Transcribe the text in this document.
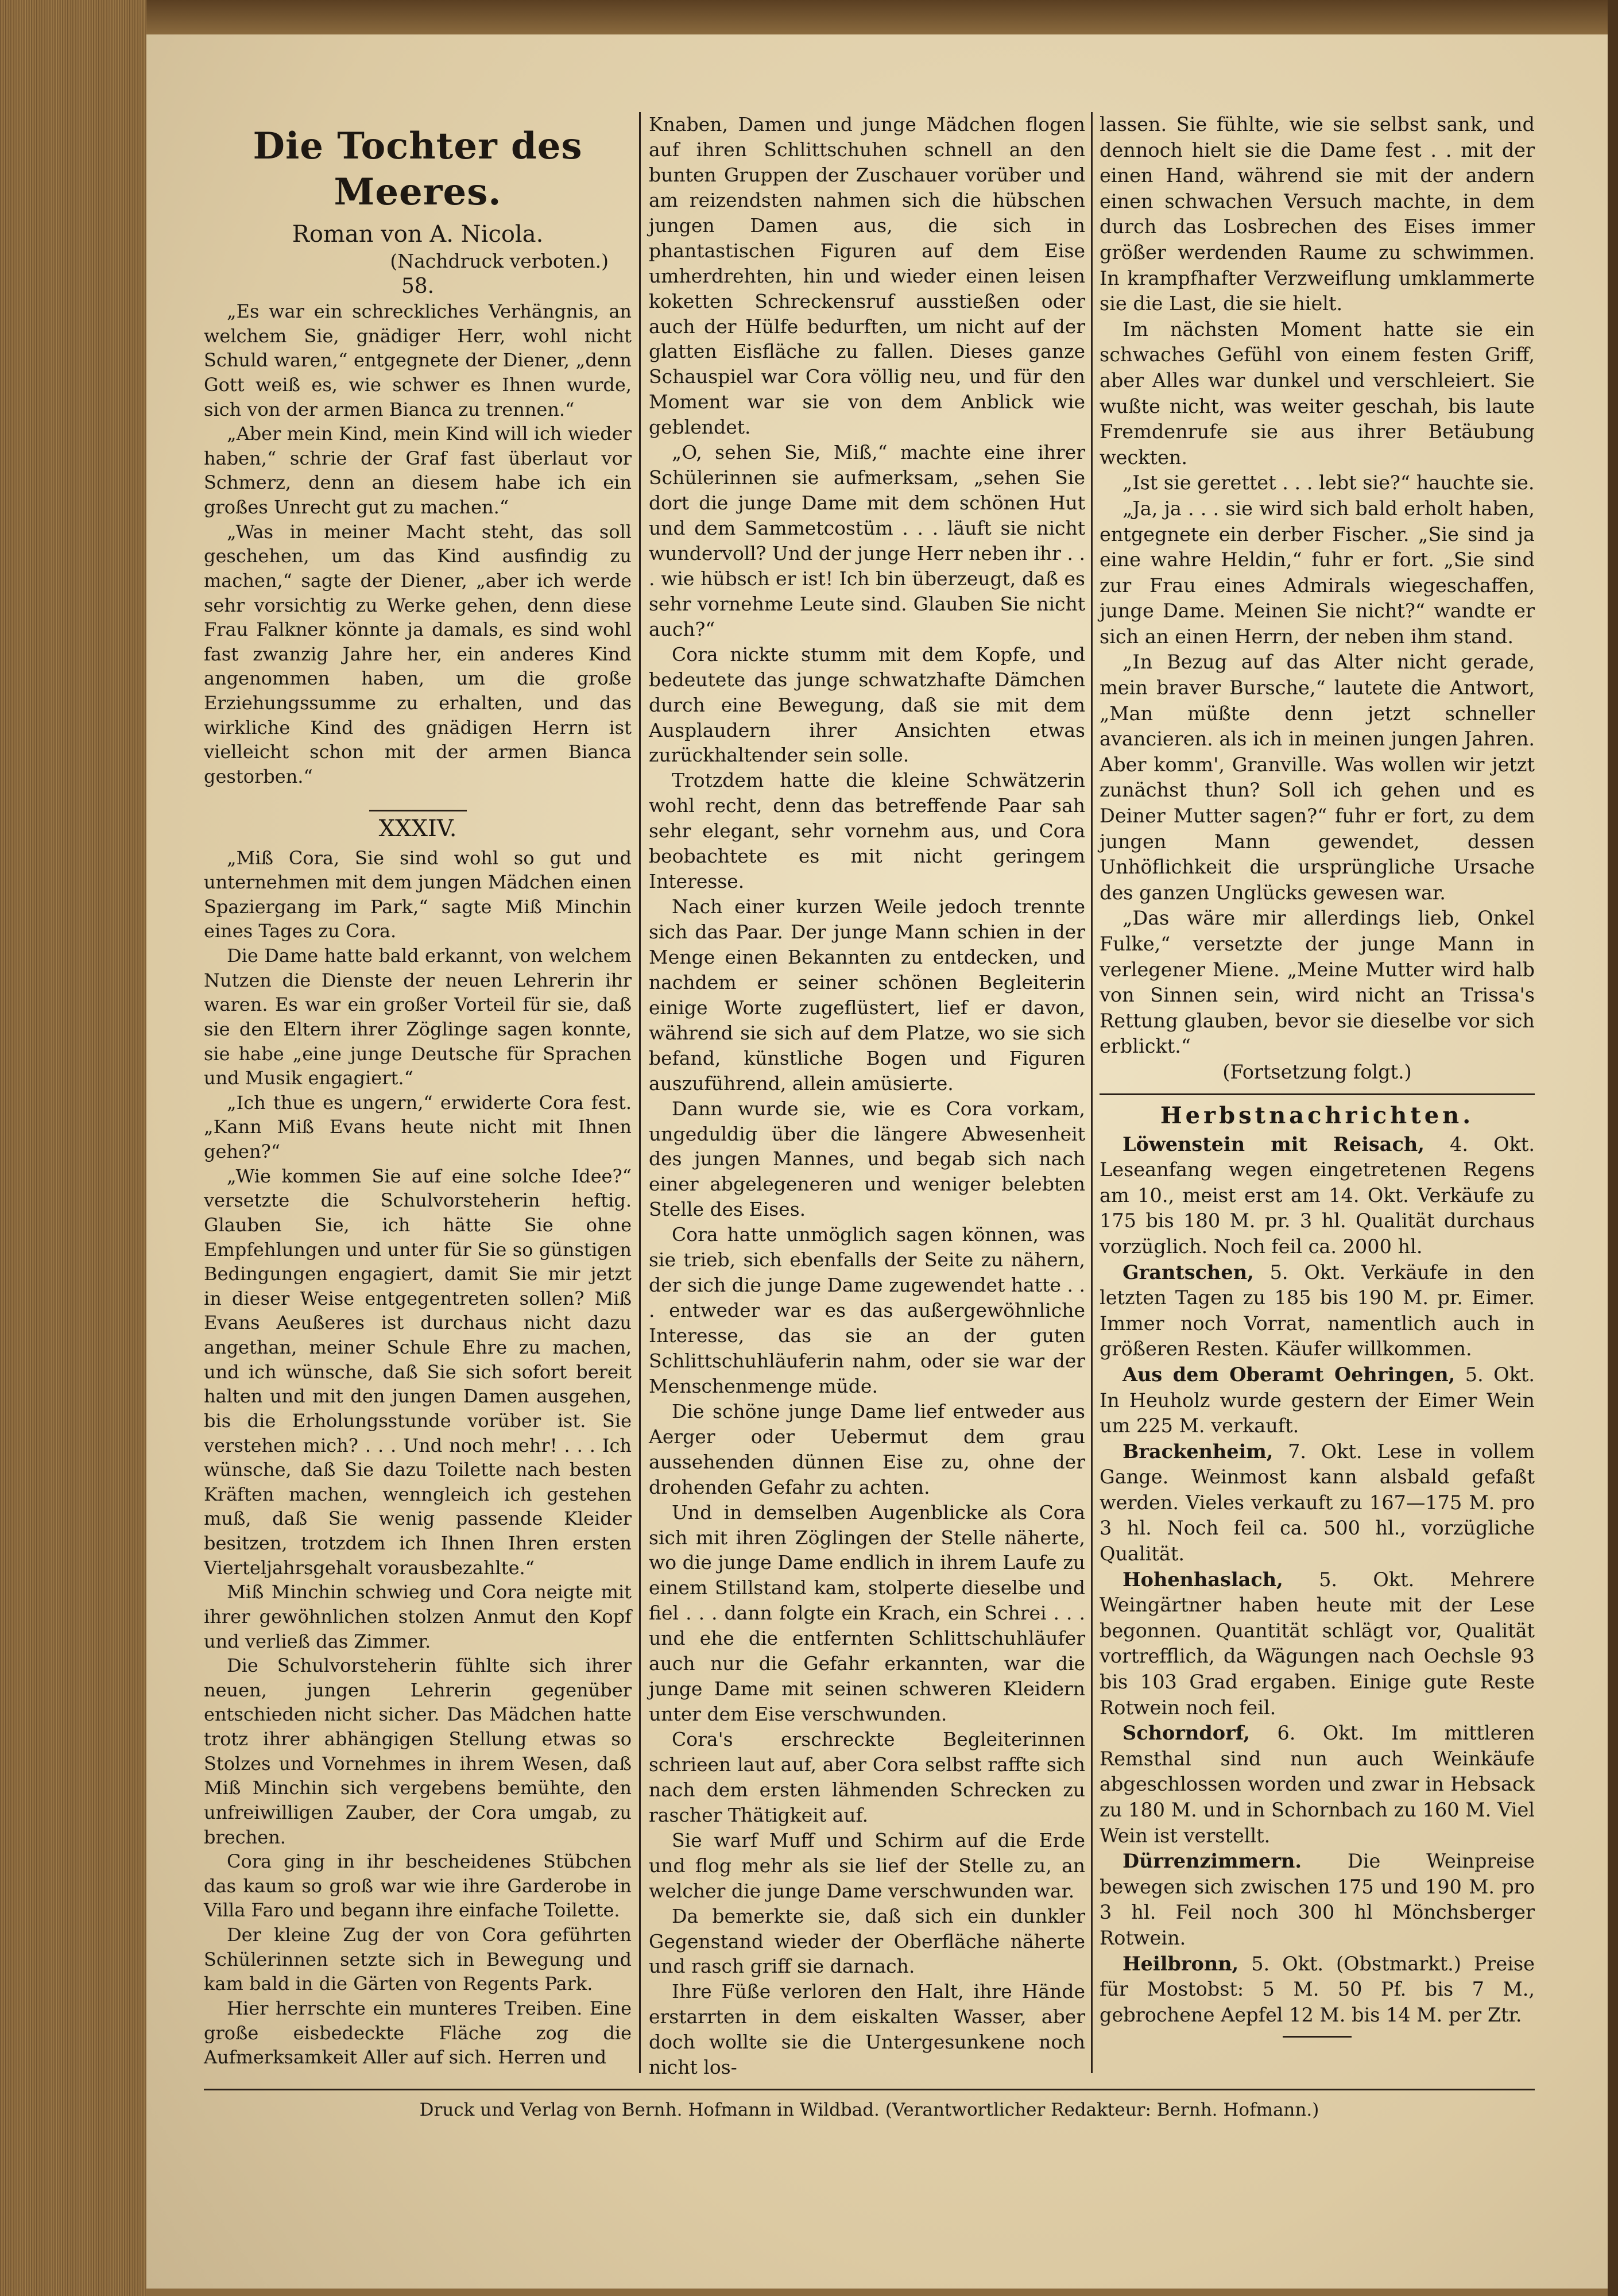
Die Tochter des Meeres.
Roman von A. Nicola.
(Nachdruck verboten.)
58.

„Es war ein schreckliches Verhängnis, an welchem Sie, gnädiger Herr, wohl nicht Schuld waren,“ entgegnete der Diener, „denn Gott weiß es, wie schwer es Ihnen wurde, sich von der armen Bianca zu trennen.“

„Aber mein Kind, mein Kind will ich wieder haben,“ schrie der Graf fast überlaut vor Schmerz, denn an diesem habe ich ein großes Unrecht gut zu machen.“

„Was in meiner Macht steht, das soll geschehen, um das Kind ausfindig zu machen,“ sagte der Diener, „aber ich werde sehr vorsichtig zu Werke gehen, denn diese Frau Falkner könnte ja damals, es sind wohl fast zwanzig Jahre her, ein anderes Kind angenommen haben, um die große Erziehungssumme zu erhalten, und das wirkliche Kind des gnädigen Herrn ist vielleicht schon mit der armen Bianca gestorben.“

XXXIV.

„Miß Cora, Sie sind wohl so gut und unternehmen mit dem jungen Mädchen einen Spaziergang im Park,“ sagte Miß Minchin eines Tages zu Cora.

Die Dame hatte bald erkannt, von welchem Nutzen die Dienste der neuen Lehrerin ihr waren. Es war ein großer Vorteil für sie, daß sie den Eltern ihrer Zöglinge sagen konnte, sie habe „eine junge Deutsche für Sprachen und Musik engagiert.“

„Ich thue es ungern,“ erwiderte Cora fest. „Kann Miß Evans heute nicht mit Ihnen gehen?“

„Wie kommen Sie auf eine solche Idee?“ versetzte die Schulvorsteherin heftig. Glauben Sie, ich hätte Sie ohne Empfehlungen und unter für Sie so günstigen Bedingungen engagiert, damit Sie mir jetzt in dieser Weise entgegentreten sollen? Miß Evans Aeußeres ist durchaus nicht dazu angethan, meiner Schule Ehre zu machen, und ich wünsche, daß Sie sich sofort bereit halten und mit den jungen Damen ausgehen, bis die Erholungsstunde vorüber ist. Sie verstehen mich? . . . Und noch mehr! . . . Ich wünsche, daß Sie dazu Toilette nach besten Kräften machen, wenngleich ich gestehen muß, daß Sie wenig passende Kleider besitzen, trotzdem ich Ihnen Ihren ersten Vierteljahrsgehalt vorausbezahlte.“

Miß Minchin schwieg und Cora neigte mit ihrer gewöhnlichen stolzen Anmut den Kopf und verließ das Zimmer.

Die Schulvorsteherin fühlte sich ihrer neuen, jungen Lehrerin gegenüber entschieden nicht sicher. Das Mädchen hatte trotz ihrer abhängigen Stellung etwas so Stolzes und Vornehmes in ihrem Wesen, daß Miß Minchin sich vergebens bemühte, den unfreiwilligen Zauber, der Cora umgab, zu brechen.

Cora ging in ihr bescheidenes Stübchen das kaum so groß war wie ihre Garderobe in Villa Faro und begann ihre einfache Toilette.

Der kleine Zug der von Cora geführten Schülerinnen setzte sich in Bewegung und kam bald in die Gärten von Regents Park.

Hier herrschte ein munteres Treiben. Eine große eisbedeckte Fläche zog die Aufmerksamkeit Aller auf sich. Herren und

Knaben, Damen und junge Mädchen flogen auf ihren Schlittschuhen schnell an den bunten Gruppen der Zuschauer vorüber und am reizendsten nahmen sich die hübschen jungen Damen aus, die sich in phantastischen Figuren auf dem Eise umherdrehten, hin und wieder einen leisen koketten Schreckensruf ausstießen oder auch der Hülfe bedurften, um nicht auf der glatten Eisfläche zu fallen. Dieses ganze Schauspiel war Cora völlig neu, und für den Moment war sie von dem Anblick wie geblendet.

„O, sehen Sie, Miß,“ machte eine ihrer Schülerinnen sie aufmerksam, „sehen Sie dort die junge Dame mit dem schönen Hut und dem Sammetcostüm . . . läuft sie nicht wundervoll? Und der junge Herr neben ihr . . . wie hübsch er ist! Ich bin überzeugt, daß es sehr vornehme Leute sind. Glauben Sie nicht auch?“

Cora nickte stumm mit dem Kopfe, und bedeutete das junge schwatzhafte Dämchen durch eine Bewegung, daß sie mit dem Ausplaudern ihrer Ansichten etwas zurückhaltender sein solle.

Trotzdem hatte die kleine Schwätzerin wohl recht, denn das betreffende Paar sah sehr elegant, sehr vornehm aus, und Cora beobachtete es mit nicht geringem Interesse.

Nach einer kurzen Weile jedoch trennte sich das Paar. Der junge Mann schien in der Menge einen Bekannten zu entdecken, und nachdem er seiner schönen Begleiterin einige Worte zugeflüstert, lief er davon, während sie sich auf dem Platze, wo sie sich befand, künstliche Bogen und Figuren auszuführend, allein amüsierte.

Dann wurde sie, wie es Cora vorkam, ungeduldig über die längere Abwesenheit des jungen Mannes, und begab sich nach einer abgelegeneren und weniger belebten Stelle des Eises.

Cora hatte unmöglich sagen können, was sie trieb, sich ebenfalls der Seite zu nähern, der sich die junge Dame zugewendet hatte . . . entweder war es das außergewöhnliche Interesse, das sie an der guten Schlittschuhläuferin nahm, oder sie war der Menschenmenge müde.

Die schöne junge Dame lief entweder aus Aerger oder Uebermut dem grau aussehenden dünnen Eise zu, ohne der drohenden Gefahr zu achten.

Und in demselben Augenblicke als Cora sich mit ihren Zöglingen der Stelle näherte, wo die junge Dame endlich in ihrem Laufe zu einem Stillstand kam, stolperte dieselbe und fiel . . . dann folgte ein Krach, ein Schrei . . . und ehe die entfernten Schlittschuhläufer auch nur die Gefahr erkannten, war die junge Dame mit seinen schweren Kleidern unter dem Eise verschwunden.

Cora's erschreckte Begleiterinnen schrieen laut auf, aber Cora selbst raffte sich nach dem ersten lähmenden Schrecken zu rascher Thätigkeit auf.

Sie warf Muff und Schirm auf die Erde und flog mehr als sie lief der Stelle zu, an welcher die junge Dame verschwunden war.

Da bemerkte sie, daß sich ein dunkler Gegenstand wieder der Oberfläche näherte und rasch griff sie darnach.

Ihre Füße verloren den Halt, ihre Hände erstarrten in dem eiskalten Wasser, aber doch wollte sie die Untergesunkene noch nicht los-

lassen. Sie fühlte, wie sie selbst sank, und dennoch hielt sie die Dame fest . . mit der einen Hand, während sie mit der andern einen schwachen Versuch machte, in dem durch das Losbrechen des Eises immer größer werdenden Raume zu schwimmen. In krampfhafter Verzweiflung umklammerte sie die Last, die sie hielt.

Im nächsten Moment hatte sie ein schwaches Gefühl von einem festen Griff, aber Alles war dunkel und verschleiert. Sie wußte nicht, was weiter geschah, bis laute Fremdenrufe sie aus ihrer Betäubung weckten.

„Ist sie gerettet . . . lebt sie?“ hauchte sie.

„Ja, ja . . . sie wird sich bald erholt haben, entgegnete ein derber Fischer. „Sie sind ja eine wahre Heldin,“ fuhr er fort. „Sie sind zur Frau eines Admirals wiegeschaffen, junge Dame. Meinen Sie nicht?“ wandte er sich an einen Herrn, der neben ihm stand.

„In Bezug auf das Alter nicht gerade, mein braver Bursche,“ lautete die Antwort, „Man müßte denn jetzt schneller avancieren. als ich in meinen jungen Jahren. Aber komm', Granville. Was wollen wir jetzt zunächst thun? Soll ich gehen und es Deiner Mutter sagen?“ fuhr er fort, zu dem jungen Mann gewendet, dessen Unhöflichkeit die ursprüngliche Ursache des ganzen Unglücks gewesen war.

„Das wäre mir allerdings lieb, Onkel Fulke,“ versetzte der junge Mann in verlegener Miene. „Meine Mutter wird halb von Sinnen sein, wird nicht an Trissa's Rettung glauben, bevor sie dieselbe vor sich erblickt.“

(Fortsetzung folgt.)

Herbstnachrichten.

Löwenstein mit Reisach, 4. Okt. Leseanfang wegen eingetretenen Regens am 10., meist erst am 14. Okt. Verkäufe zu 175 bis 180 M. pr. 3 hl. Qualität durchaus vorzüglich. Noch feil ca. 2000 hl.

Grantschen, 5. Okt. Verkäufe in den letzten Tagen zu 185 bis 190 M. pr. Eimer. Immer noch Vorrat, namentlich auch in größeren Resten. Käufer willkommen.

Aus dem Oberamt Oehringen, 5. Okt. In Heuholz wurde gestern der Eimer Wein um 225 M. verkauft.

Brackenheim, 7. Okt. Lese in vollem Gange. Weinmost kann alsbald gefaßt werden. Vieles verkauft zu 167—175 M. pro 3 hl. Noch feil ca. 500 hl., vorzügliche Qualität.

Hohenhaslach, 5. Okt. Mehrere Weingärtner haben heute mit der Lese begonnen. Quantität schlägt vor, Qualität vortrefflich, da Wägungen nach Oechsle 93 bis 103 Grad ergaben. Einige gute Reste Rotwein noch feil.

Schorndorf, 6. Okt. Im mittleren Remsthal sind nun auch Weinkäufe abgeschlossen worden und zwar in Hebsack zu 180 M. und in Schornbach zu 160 M. Viel Wein ist verstellt.

Dürrenzimmern. Die Weinpreise bewegen sich zwischen 175 und 190 M. pro 3 hl. Feil noch 300 hl Mönchsberger Rotwein.

Heilbronn, 5. Okt. (Obstmarkt.) Preise für Mostobst: 5 M. 50 Pf. bis 7 M., gebrochene Aepfel 12 M. bis 14 M. per Ztr.

Druck und Verlag von Bernh. Hofmann in Wildbad. (Verantwortlicher Redakteur: Bernh. Hofmann.)
